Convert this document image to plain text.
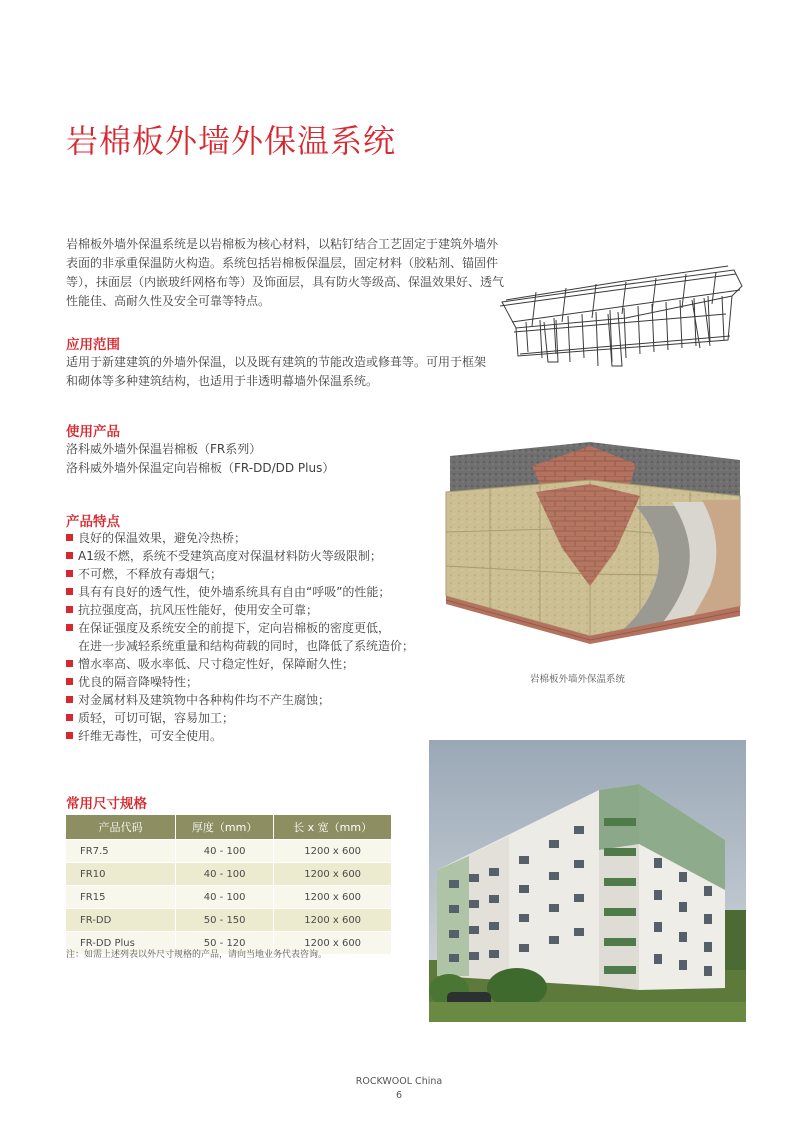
岩棉板外墙外保温系统
岩棉板外墙外保温系统是以岩棉板为核心材料，以粘钉结合工艺固定于建筑外墙外表面的非承重保温防火构造。系统包括岩棉板保温层，固定材料（胶粘剂、锚固件等），抹面层（内嵌玻纤网格布等）及饰面层，具有防火等级高、保温效果好、透气性能佳、高耐久性及安全可靠等特点。
应用范围
适用于新建建筑的外墙外保温，以及既有建筑的节能改造或修葺等。可用于框架和砌体等多种建筑结构，也适用于非透明幕墙外保温系统。
使用产品
洛科威外墙外保温岩棉板（FR系列）
洛科威外墙外保温定向岩棉板（FR-DD/DD Plus）
岩棉板外墙外保温系统
产品特点
良好的保温效果，避免冷热桥；
A1级不燃，系统不受建筑高度对保温材料防火等级限制；
不可燃，不释放有毒烟气；
具有有良好的透气性，使外墙系统具有自由“呼吸”的性能；
抗拉强度高，抗风压性能好，使用安全可靠；
在保证强度及系统安全的前提下，定向岩棉板的密度更低，
在进一步减轻系统重量和结构荷载的同时，也降低了系统造价；
憎水率高、吸水率低、尺寸稳定性好，保障耐久性；
优良的隔音降噪特性；
对金属材料及建筑物中各种构件均不产生腐蚀；
质轻，可切可锯，容易加工；
纤维无毒性，可安全使用。
常用尺寸规格
产品代码	厚度（mm）	长 x 宽（mm）
FR7.5	40 - 100	1200 x 600
FR10	40 - 100	1200 x 600
FR15	40 - 100	1200 x 600
FR-DD	50 - 150	1200 x 600
FR-DD Plus	50 - 120	1200 x 600
注：如需上述列表以外尺寸规格的产品，请向当地业务代表咨询。
ROCKWOOL China
6
